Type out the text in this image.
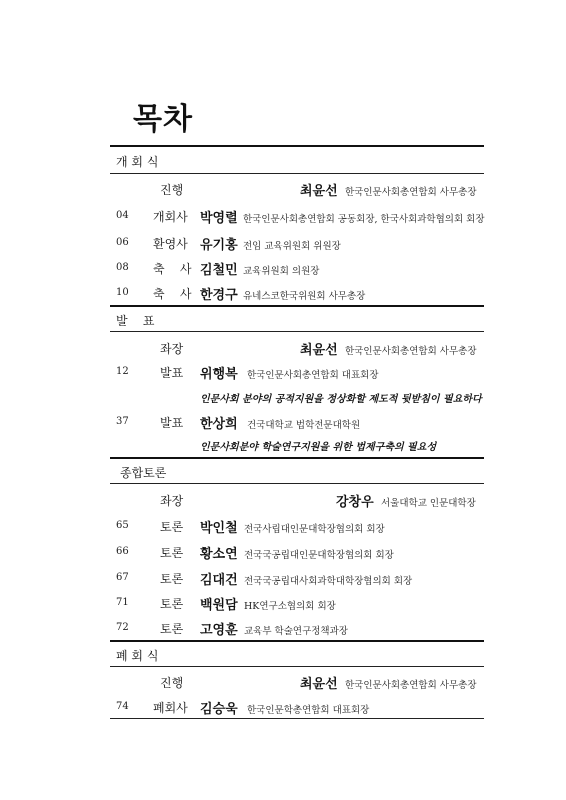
목차
개 회 식
진행	최윤선 한국인문사회총연합회 사무총장
04 개회사 박영렬 한국인문사회총연합회 공동회장, 한국사회과학협의회 회장
06 환영사 유기홍 전임 교육위원회 위원장
08 축    사 김철민 교육위원회 의원장
10 축    사 한경구 유네스코한국위원회 사무총장
발    표
좌장	최윤선 한국인문사회총연합회 사무총장
12	발표 위행복 한국인문사회총연합회 대표회장
인문사회 분야의 공적지원을 정상화할 제도적 뒷받침이 필요하다
37	발표 한상희 건국대학교 법학전문대학원
인문사회분야 학술연구지원을 위한 법제구축의 필요성
종합토론
좌장	강창우 서울대학교 인문대학장
65	토론 박인철 전국사립대인문대학장협의회 회장
66	토론 황소연 전국국공립대인문대학장협의회 회장
67	토론 김대건 전국국공립대사회과학대학장협의회 회장
71	토론 백원담 HK연구소협의회 회장
72	토론 고영훈 교육부 학술연구정책과장
폐 회 식
진행	최윤선 한국인문사회총연합회 사무총장
74 폐회사 김승욱 한국인문학총연합회 대표회장
